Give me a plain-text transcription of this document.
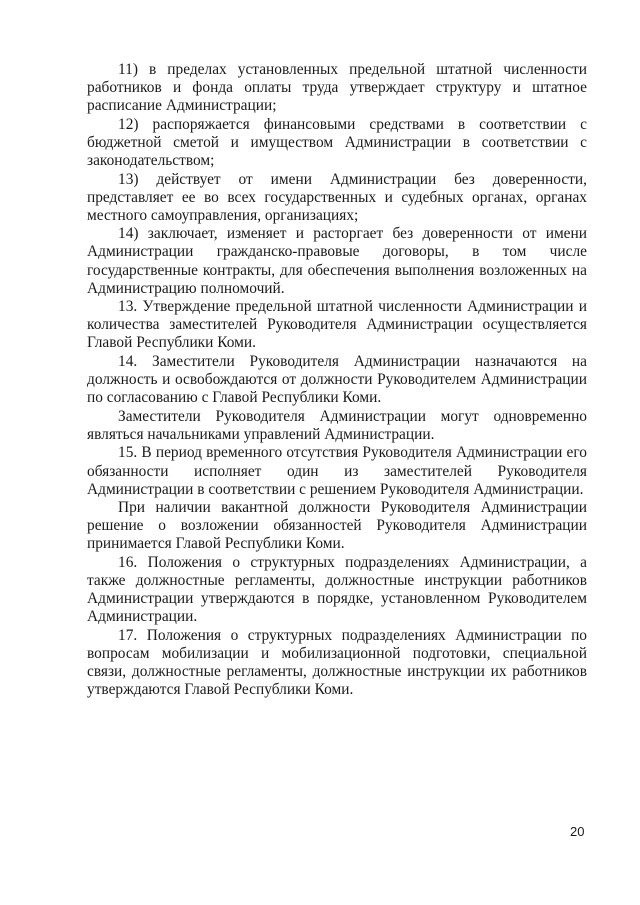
11) в пределах установленных предельной штатной численности работников и фонда оплаты труда утверждает структуру и штатное расписание Администрации;

12) распоряжается финансовыми средствами в соответствии с бюджетной сметой и имуществом Администрации в соответствии с законодательством;

13) действует от имени Администрации без доверенности, представляет ее во всех государственных и судебных органах, органах местного самоуправления, организациях;

14) заключает, изменяет и расторгает без доверенности от имени Администрации гражданско-правовые договоры, в том числе государственные контракты, для обеспечения выполнения возложенных на Администрацию полномочий.

13. Утверждение предельной штатной численности Администрации и количества заместителей Руководителя Администрации осуществляется Главой Республики Коми.

14. Заместители Руководителя Администрации назначаются на должность и освобождаются от должности Руководителем Администрации по согласованию с Главой Республики Коми.

Заместители Руководителя Администрации могут одновременно являться начальниками управлений Администрации.

15. В период временного отсутствия Руководителя Администрации его обязанности исполняет один из заместителей Руководителя Администрации в соответствии с решением Руководителя Администрации.

При наличии вакантной должности Руководителя Администрации решение о возложении обязанностей Руководителя Администрации принимается Главой Республики Коми.

16. Положения о структурных подразделениях Администрации, а также должностные регламенты, должностные инструкции работников Администрации утверждаются в порядке, установленном Руководителем Администрации.

17. Положения о структурных подразделениях Администрации по вопросам мобилизации и мобилизационной подготовки, специальной связи, должностные регламенты, должностные инструкции их работников утверждаются Главой Республики Коми.

20
